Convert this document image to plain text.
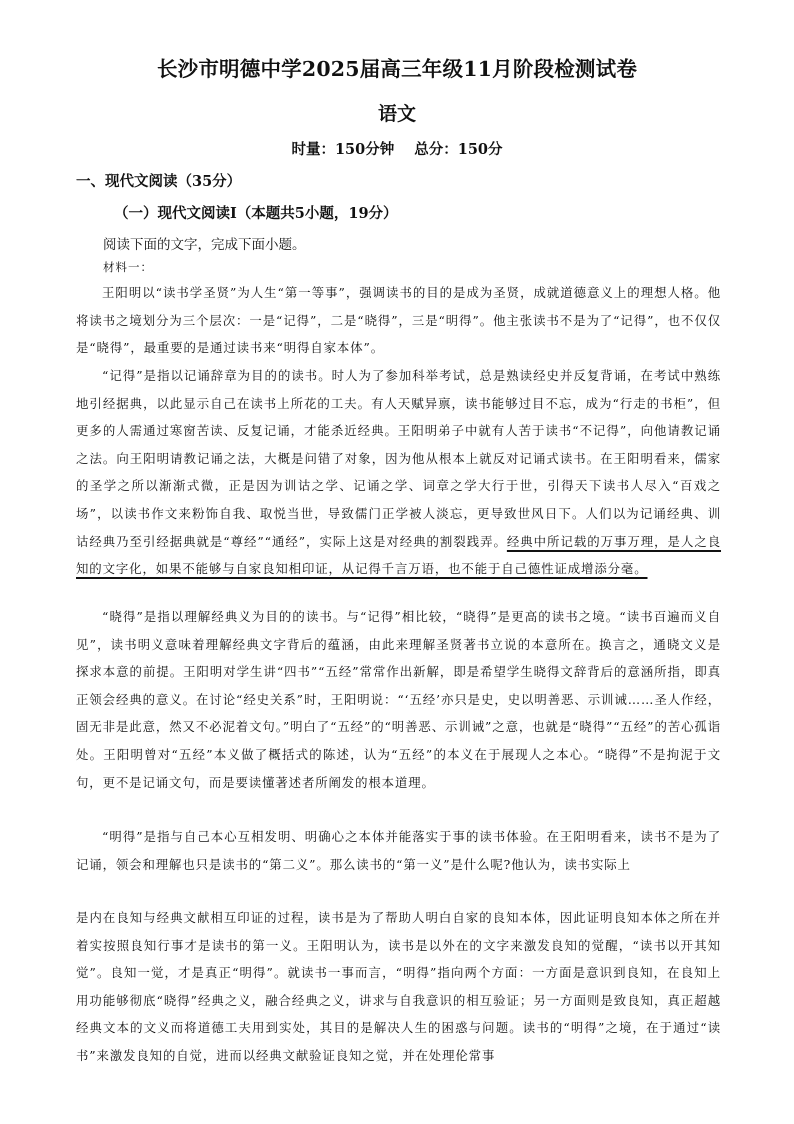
长沙市明德中学2025届高三年级11月阶段检测试卷
语文
时量：150分钟 总分：150分
一、现代文阅读（35分）
（一）现代文阅读Ⅰ（本题共5小题，19分）
阅读下面的文字，完成下面小题。
材料一：

王阳明以“读书学圣贤”为人生“第一等事”，强调读书的目的是成为圣贤，成就道德意义上的理想人格。他将读书之境划分为三个层次：一是“记得”，二是“晓得”，三是“明得”。他主张读书不是为了“记得”，也不仅仅是“晓得”，最重要的是通过读书来“明得自家本体”。

“记得”是指以记诵辞章为目的的读书。时人为了参加科举考试，总是熟读经史并反复背诵，在考试中熟练地引经据典，以此显示自己在读书上所花的工夫。有人天赋异禀，读书能够过目不忘，成为“行走的书柜”，但更多的人需通过寒窗苦读、反复记诵，才能杀近经典。王阳明弟子中就有人苦于读书“不记得”，向他请教记诵之法。向王阳明请教记诵之法，大概是问错了对象，因为他从根本上就反对记诵式读书。在王阳明看来，儒家的圣学之所以渐渐式微，正是因为训诂之学、记诵之学、词章之学大行于世，引得天下读书人尽入“百戏之场”，以读书作文来粉饰自我、取悦当世，导致儒门正学被人淡忘，更导致世风日下。人们以为记诵经典、训诂经典乃至引经据典就是“尊经”“通经”，实际上这是对经典的割裂践弄。经典中所记载的万事万理，是人之良知的文字化，如果不能够与自家良知相印证，从记得千言万语，也不能于自己德性证成增添分毫。

“晓得”是指以理解经典义为目的的读书。与“记得”相比较，“晓得”是更高的读书之境。“读书百遍而义自见”，读书明义意味着理解经典文字背后的蕴涵，由此来理解圣贤著书立说的本意所在。换言之，通晓文义是探求本意的前提。王阳明对学生讲“四书”“五经”常常作出新解，即是希望学生晓得文辞背后的意涵所指，即真正领会经典的意义。在讨论“经史关系”时，王阳明说：“‘五经’亦只是史，史以明善恶、示训诫……圣人作经，固无非是此意，然又不必泥着文句。”明白了“五经”的“明善恶、示训诫”之意，也就是“晓得”“五经”的苦心孤诣处。王阳明曾对“五经”本义做了概括式的陈述，认为“五经”的本义在于展现人之本心。“晓得”不是拘泥于文句，更不是记诵文句，而是要读懂著述者所阐发的根本道理。

“明得”是指与自己本心互相发明、明确心之本体并能落实于事的读书体验。在王阳明看来，读书不是为了记诵，领会和理解也只是读书的“第二义”。那么读书的“第一义”是什么呢?他认为，读书实际上

是内在良知与经典文献相互印证的过程，读书是为了帮助人明白自家的良知本体，因此证明良知本体之所在并着实按照良知行事才是读书的第一义。王阳明认为，读书是以外在的文字来激发良知的觉醒，“读书以开其知觉”。良知一觉，才是真正“明得”。就读书一事而言，“明得”指向两个方面：一方面是意识到良知，在良知上用功能够彻底“晓得”经典之义，融合经典之义，讲求与自我意识的相互验证；另一方面则是致良知，真正超越经典文本的文义而将道德工夫用到实处，其目的是解决人生的困惑与问题。读书的“明得”之境，在于通过“读书”来激发良知的自觉，进而以经典文献验证良知之觉，并在处理伦常事
